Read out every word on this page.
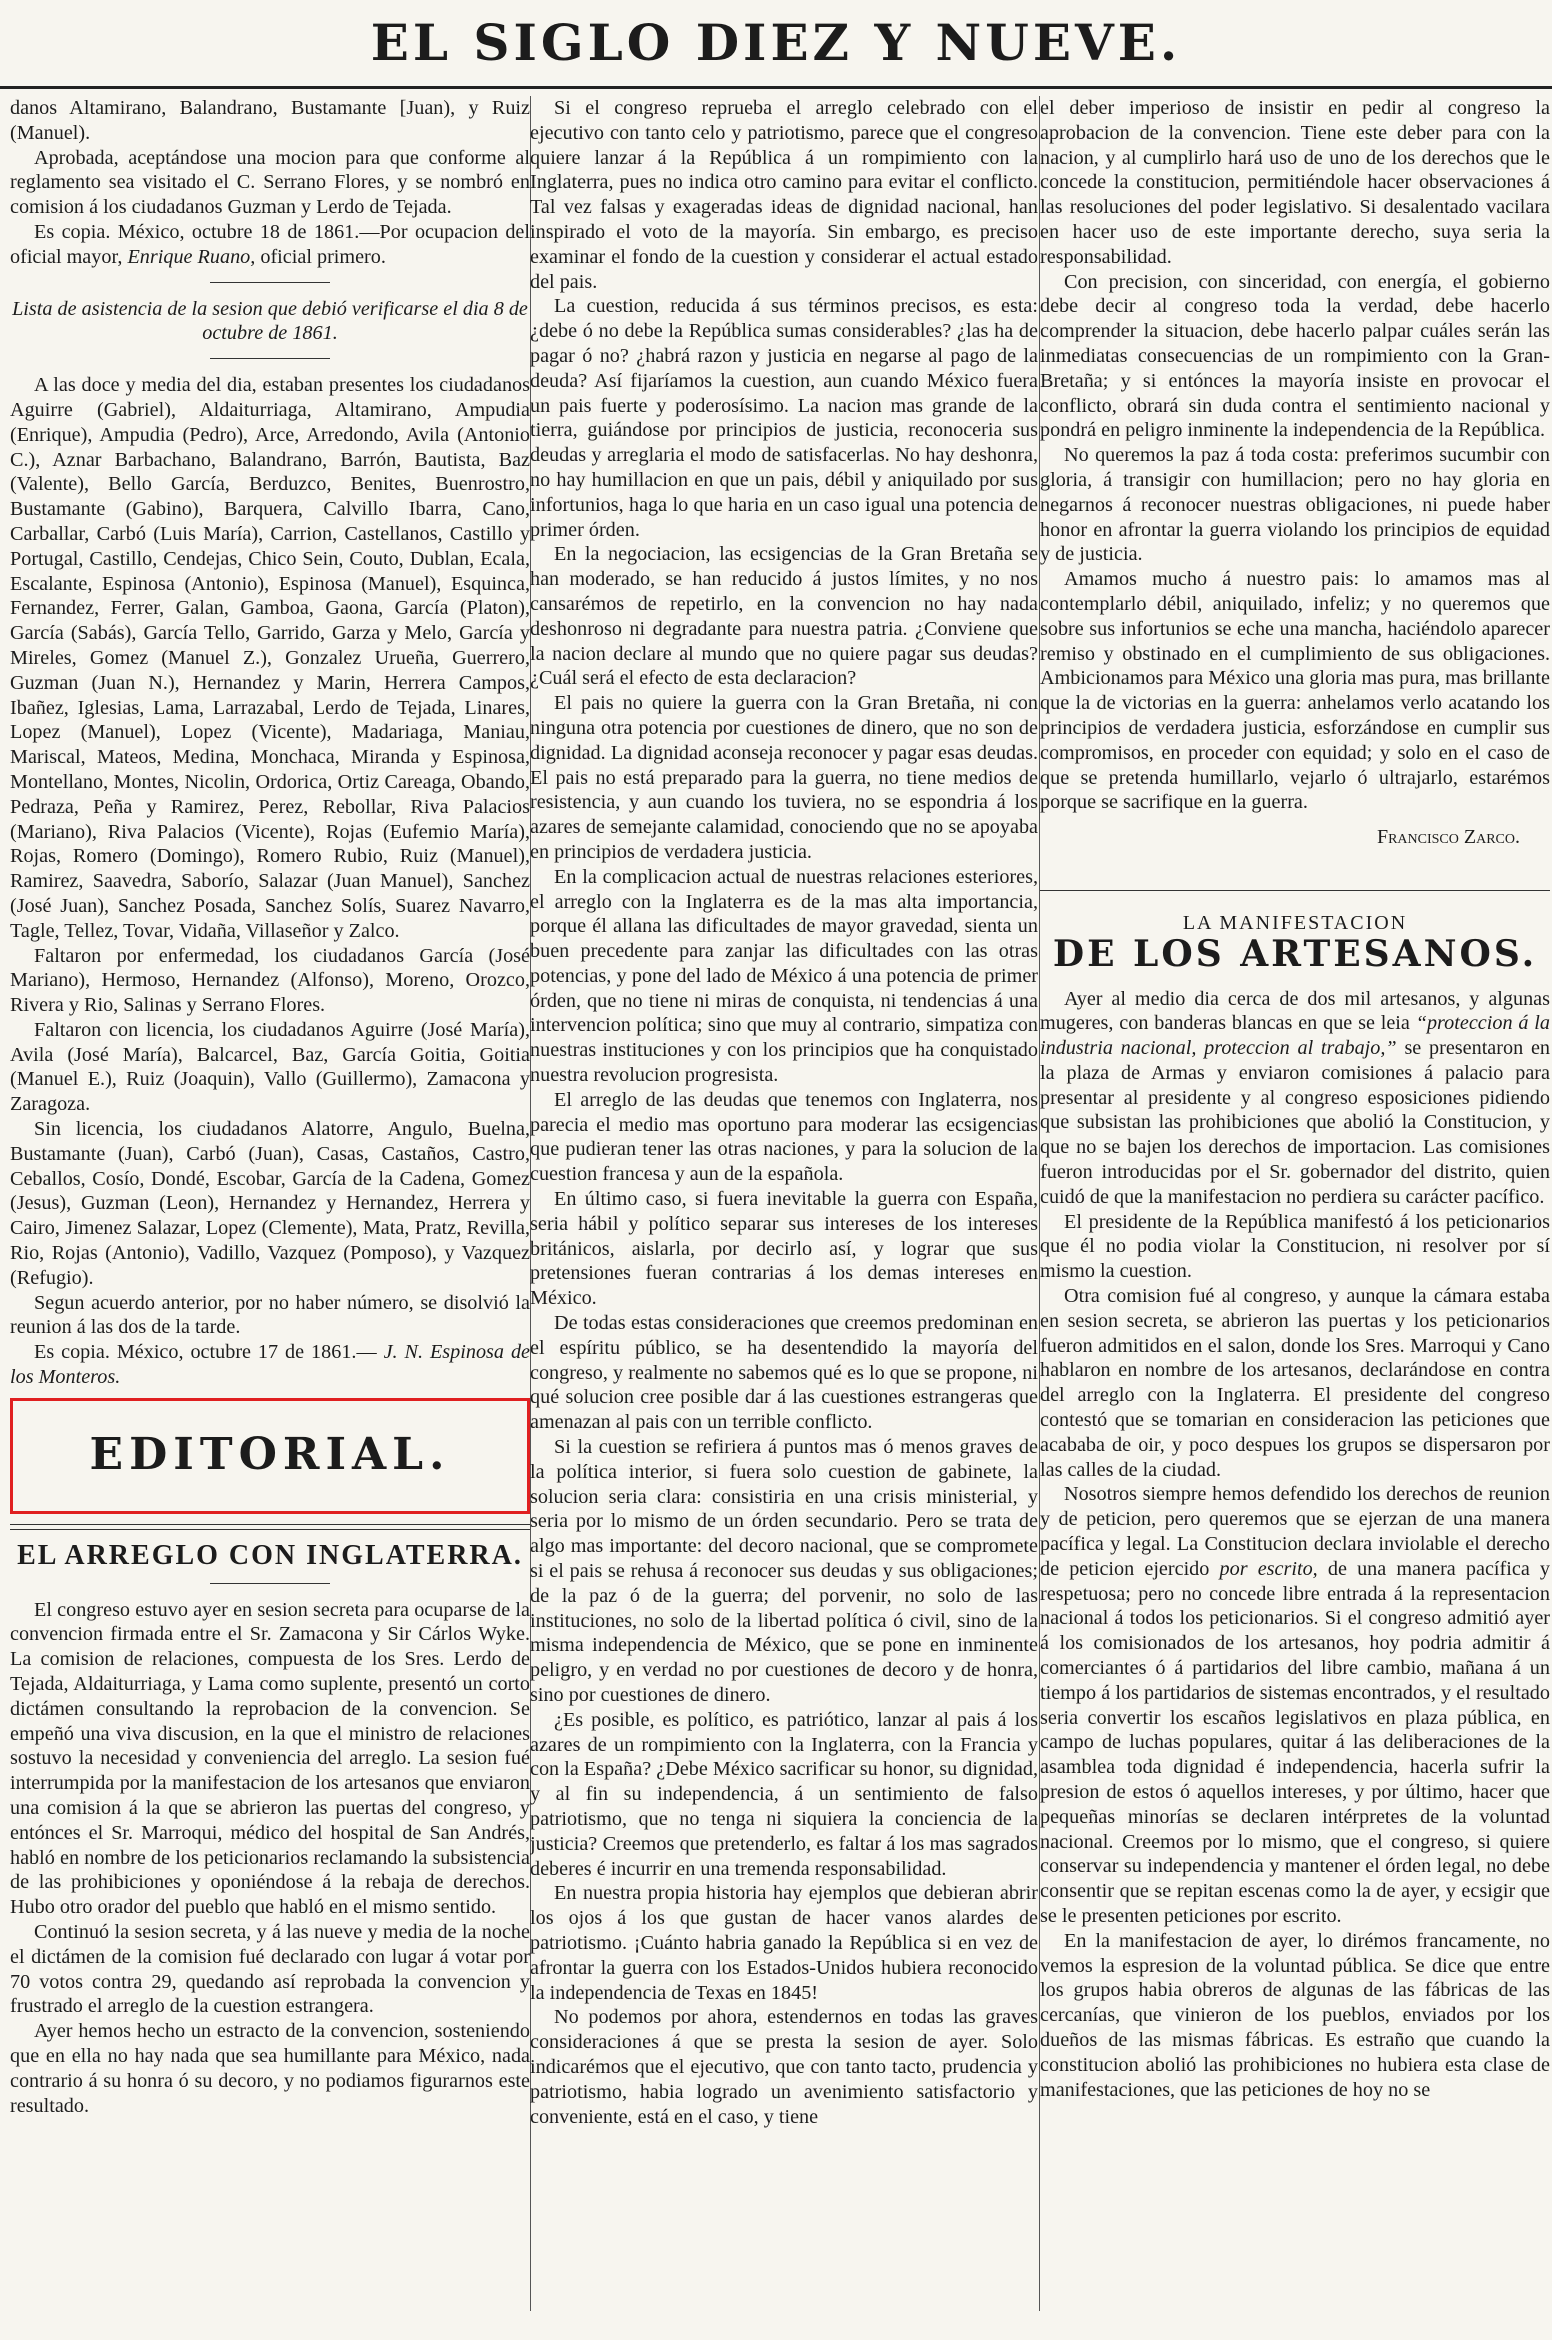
EL SIGLO DIEZ Y NUEVE.

danos Altamirano, Balandrano, Bustamante [Juan), y Ruiz (Manuel).

Aprobada, aceptándose una mocion para que conforme al reglamento sea visitado el C. Serrano Flores, y se nombró en comision á los ciudadanos Guzman y Lerdo de Tejada.

Es copia. México, octubre 18 de 1861.—Por ocupacion del oficial mayor, Enrique Ruano, oficial primero.

Lista de asistencia de la sesion que debió verificarse el dia 8 de octubre de 1861.

A las doce y media del dia, estaban presentes los ciudadanos Aguirre (Gabriel), Aldaiturriaga, Altamirano, Ampudia (Enrique), Ampudia (Pedro), Arce, Arredondo, Avila (Antonio C.), Aznar Barbachano, Balandrano, Barrón, Bautista, Baz (Valente), Bello García, Berduzco, Benites, Buenrostro, Bustamante (Gabino), Barquera, Calvillo Ibarra, Cano, Carballar, Carbó (Luis María), Carrion, Castellanos, Castillo y Portugal, Castillo, Cendejas, Chico Sein, Couto, Dublan, Ecala, Escalante, Espinosa (Antonio), Espinosa (Manuel), Esquinca, Fernandez, Ferrer, Galan, Gamboa, Gaona, García (Platon), García (Sabás), García Tello, Garrido, Garza y Melo, García y Mireles, Gomez (Manuel Z.), Gonzalez Urueña, Guerrero, Guzman (Juan N.), Hernandez y Marin, Herrera Campos, Ibañez, Iglesias, Lama, Larrazabal, Lerdo de Tejada, Linares, Lopez (Manuel), Lopez (Vicente), Madariaga, Maniau, Mariscal, Mateos, Medina, Monchaca, Miranda y Espinosa, Montellano, Montes, Nicolin, Ordorica, Ortiz Careaga, Obando, Pedraza, Peña y Ramirez, Perez, Rebollar, Riva Palacios (Mariano), Riva Palacios (Vicente), Rojas (Eufemio María), Rojas, Romero (Domingo), Romero Rubio, Ruiz (Manuel), Ramirez, Saavedra, Saborío, Salazar (Juan Manuel), Sanchez (José Juan), Sanchez Posada, Sanchez Solís, Suarez Navarro, Tagle, Tellez, Tovar, Vidaña, Villaseñor y Zalco.

Faltaron por enfermedad, los ciudadanos García (José Mariano), Hermoso, Hernandez (Alfonso), Moreno, Orozco, Rivera y Rio, Salinas y Serrano Flores.

Faltaron con licencia, los ciudadanos Aguirre (José María), Avila (José María), Balcarcel, Baz, García Goitia, Goitia (Manuel E.), Ruiz (Joaquin), Vallo (Guillermo), Zamacona y Zaragoza.

Sin licencia, los ciudadanos Alatorre, Angulo, Buelna, Bustamante (Juan), Carbó (Juan), Casas, Castaños, Castro, Ceballos, Cosío, Dondé, Escobar, García de la Cadena, Gomez (Jesus), Guzman (Leon), Hernandez y Hernandez, Herrera y Cairo, Jimenez Salazar, Lopez (Clemente), Mata, Pratz, Revilla, Rio, Rojas (Antonio), Vadillo, Vazquez (Pomposo), y Vazquez (Refugio).

Segun acuerdo anterior, por no haber número, se disolvió la reunion á las dos de la tarde.

Es copia. México, octubre 17 de 1861.— J. N. Espinosa de los Monteros.

EDITORIAL.
EL ARREGLO CON INGLATERRA.

El congreso estuvo ayer en sesion secreta para ocuparse de la convencion firmada entre el Sr. Zamacona y Sir Cárlos Wyke. La comision de relaciones, compuesta de los Sres. Lerdo de Tejada, Aldaiturriaga, y Lama como suplente, presentó un corto dictámen consultando la reprobacion de la convencion. Se empeñó una viva discusion, en la que el ministro de relaciones sostuvo la necesidad y conveniencia del arreglo. La sesion fué interrumpida por la manifestacion de los artesanos que enviaron una comision á la que se abrieron las puertas del congreso, y entónces el Sr. Marroqui, médico del hospital de San Andrés, habló en nombre de los peticionarios reclamando la subsistencia de las prohibiciones y oponiéndose á la rebaja de derechos. Hubo otro orador del pueblo que habló en el mismo sentido.

Continuó la sesion secreta, y á las nueve y media de la noche el dictámen de la comision fué declarado con lugar á votar por 70 votos contra 29, quedando así reprobada la convencion y frustrado el arreglo de la cuestion estrangera.

Ayer hemos hecho un estracto de la convencion, sosteniendo que en ella no hay nada que sea humillante para México, nada contrario á su honra ó su decoro, y no podiamos figurarnos este resultado.

Si el congreso reprueba el arreglo celebrado con el ejecutivo con tanto celo y patriotismo, parece que el congreso quiere lanzar á la República á un rompimiento con la Inglaterra, pues no indica otro camino para evitar el conflicto. Tal vez falsas y exageradas ideas de dignidad nacional, han inspirado el voto de la mayoría. Sin embargo, es preciso examinar el fondo de la cuestion y considerar el actual estado del pais.

La cuestion, reducida á sus términos precisos, es esta: ¿debe ó no debe la República sumas considerables? ¿las ha de pagar ó no? ¿habrá razon y justicia en negarse al pago de la deuda? Así fijaríamos la cuestion, aun cuando México fuera un pais fuerte y poderosísimo. La nacion mas grande de la tierra, guiándose por principios de justicia, reconoceria sus deudas y arreglaria el modo de satisfacerlas. No hay deshonra, no hay humillacion en que un pais, débil y aniquilado por sus infortunios, haga lo que haria en un caso igual una potencia de primer órden.

En la negociacion, las ecsigencias de la Gran Bretaña se han moderado, se han reducido á justos límites, y no nos cansarémos de repetirlo, en la convencion no hay nada deshonroso ni degradante para nuestra patria. ¿Conviene que la nacion declare al mundo que no quiere pagar sus deudas? ¿Cuál será el efecto de esta declaracion?

El pais no quiere la guerra con la Gran Bretaña, ni con ninguna otra potencia por cuestiones de dinero, que no son de dignidad. La dignidad aconseja reconocer y pagar esas deudas. El pais no está preparado para la guerra, no tiene medios de resistencia, y aun cuando los tuviera, no se espondria á los azares de semejante calamidad, conociendo que no se apoyaba en principios de verdadera justicia.

En la complicacion actual de nuestras relaciones esteriores, el arreglo con la Inglaterra es de la mas alta importancia, porque él allana las dificultades de mayor gravedad, sienta un buen precedente para zanjar las dificultades con las otras potencias, y pone del lado de México á una potencia de primer órden, que no tiene ni miras de conquista, ni tendencias á una intervencion política; sino que muy al contrario, simpatiza con nuestras instituciones y con los principios que ha conquistado nuestra revolucion progresista.

El arreglo de las deudas que tenemos con Inglaterra, nos parecia el medio mas oportuno para moderar las ecsigencias que pudieran tener las otras naciones, y para la solucion de la cuestion francesa y aun de la española.

En último caso, si fuera inevitable la guerra con España, seria hábil y político separar sus intereses de los intereses británicos, aislarla, por decirlo así, y lograr que sus pretensiones fueran contrarias á los demas intereses en México.

De todas estas consideraciones que creemos predominan en el espíritu público, se ha desentendido la mayoría del congreso, y realmente no sabemos qué es lo que se propone, ni qué solucion cree posible dar á las cuestiones estrangeras que amenazan al pais con un terrible conflicto.

Si la cuestion se refiriera á puntos mas ó menos graves de la política interior, si fuera solo cuestion de gabinete, la solucion seria clara: consistiria en una crisis ministerial, y seria por lo mismo de un órden secundario. Pero se trata de algo mas importante: del decoro nacional, que se compromete si el pais se rehusa á reconocer sus deudas y sus obligaciones; de la paz ó de la guerra; del porvenir, no solo de las instituciones, no solo de la libertad política ó civil, sino de la misma independencia de México, que se pone en inminente peligro, y en verdad no por cuestiones de decoro y de honra, sino por cuestiones de dinero.

¿Es posible, es político, es patriótico, lanzar al pais á los azares de un rompimiento con la Inglaterra, con la Francia y con la España? ¿Debe México sacrificar su honor, su dignidad, y al fin su independencia, á un sentimiento de falso patriotismo, que no tenga ni siquiera la conciencia de la justicia? Creemos que pretenderlo, es faltar á los mas sagrados deberes é incurrir en una tremenda responsabilidad.

En nuestra propia historia hay ejemplos que debieran abrir los ojos á los que gustan de hacer vanos alardes de patriotismo. ¡Cuánto habria ganado la República si en vez de afrontar la guerra con los Estados-Unidos hubiera reconocido la independencia de Texas en 1845!

No podemos por ahora, estendernos en todas las graves consideraciones á que se presta la sesion de ayer. Solo indicarémos que el ejecutivo, que con tanto tacto, prudencia y patriotismo, habia logrado un avenimiento satisfactorio y conveniente, está en el caso, y tiene

el deber imperioso de insistir en pedir al congreso la aprobacion de la convencion. Tiene este deber para con la nacion, y al cumplirlo hará uso de uno de los derechos que le concede la constitucion, permitiéndole hacer observaciones á las resoluciones del poder legislativo. Si desalentado vacilara en hacer uso de este importante derecho, suya seria la responsabilidad.

Con precision, con sinceridad, con energía, el gobierno debe decir al congreso toda la verdad, debe hacerlo comprender la situacion, debe hacerlo palpar cuáles serán las inmediatas consecuencias de un rompimiento con la Gran-Bretaña; y si entónces la mayoría insiste en provocar el conflicto, obrará sin duda contra el sentimiento nacional y pondrá en peligro inminente la independencia de la República.

No queremos la paz á toda costa: preferimos sucumbir con gloria, á transigir con humillacion; pero no hay gloria en negarnos á reconocer nuestras obligaciones, ni puede haber honor en afrontar la guerra violando los principios de equidad y de justicia.

Amamos mucho á nuestro pais: lo amamos mas al contemplarlo débil, aniquilado, infeliz; y no queremos que sobre sus infortunios se eche una mancha, haciéndolo aparecer remiso y obstinado en el cumplimiento de sus obligaciones. Ambicionamos para México una gloria mas pura, mas brillante que la de victorias en la guerra: anhelamos verlo acatando los principios de verdadera justicia, esforzándose en cumplir sus compromisos, en proceder con equidad; y solo en el caso de que se pretenda humillarlo, vejarlo ó ultrajarlo, estarémos porque se sacrifique en la guerra.

Francisco Zarco.
LA MANIFESTACION
DE LOS ARTESANOS.

Ayer al medio dia cerca de dos mil artesanos, y algunas mugeres, con banderas blancas en que se leia “proteccion á la industria nacional, proteccion al trabajo,” se presentaron en la plaza de Armas y enviaron comisiones á palacio para presentar al presidente y al congreso esposiciones pidiendo que subsistan las prohibiciones que abolió la Constitucion, y que no se bajen los derechos de importacion. Las comisiones fueron introducidas por el Sr. gobernador del distrito, quien cuidó de que la manifestacion no perdiera su carácter pacífico.

El presidente de la República manifestó á los peticionarios que él no podia violar la Constitucion, ni resolver por sí mismo la cuestion.

Otra comision fué al congreso, y aunque la cámara estaba en sesion secreta, se abrieron las puertas y los peticionarios fueron admitidos en el salon, donde los Sres. Marroqui y Cano hablaron en nombre de los artesanos, declarándose en contra del arreglo con la Inglaterra. El presidente del congreso contestó que se tomarian en consideracion las peticiones que acababa de oir, y poco despues los grupos se dispersaron por las calles de la ciudad.

Nosotros siempre hemos defendido los derechos de reunion y de peticion, pero queremos que se ejerzan de una manera pacífica y legal. La Constitucion declara inviolable el derecho de peticion ejercido por escrito, de una manera pacífica y respetuosa; pero no concede libre entrada á la representacion nacional á todos los peticionarios. Si el congreso admitió ayer á los comisionados de los artesanos, hoy podria admitir á comerciantes ó á partidarios del libre cambio, mañana á un tiempo á los partidarios de sistemas encontrados, y el resultado seria convertir los escaños legislativos en plaza pública, en campo de luchas populares, quitar á las deliberaciones de la asamblea toda dignidad é independencia, hacerla sufrir la presion de estos ó aquellos intereses, y por último, hacer que pequeñas minorías se declaren intérpretes de la voluntad nacional. Creemos por lo mismo, que el congreso, si quiere conservar su independencia y mantener el órden legal, no debe consentir que se repitan escenas como la de ayer, y ecsigir que se le presenten peticiones por escrito.

En la manifestacion de ayer, lo dirémos francamente, no vemos la espresion de la voluntad pública. Se dice que entre los grupos habia obreros de algunas de las fábricas de las cercanías, que vinieron de los pueblos, enviados por los dueños de las mismas fábricas. Es estraño que cuando la constitucion abolió las prohibiciones no hubiera esta clase de manifestaciones, que las peticiones de hoy no se
